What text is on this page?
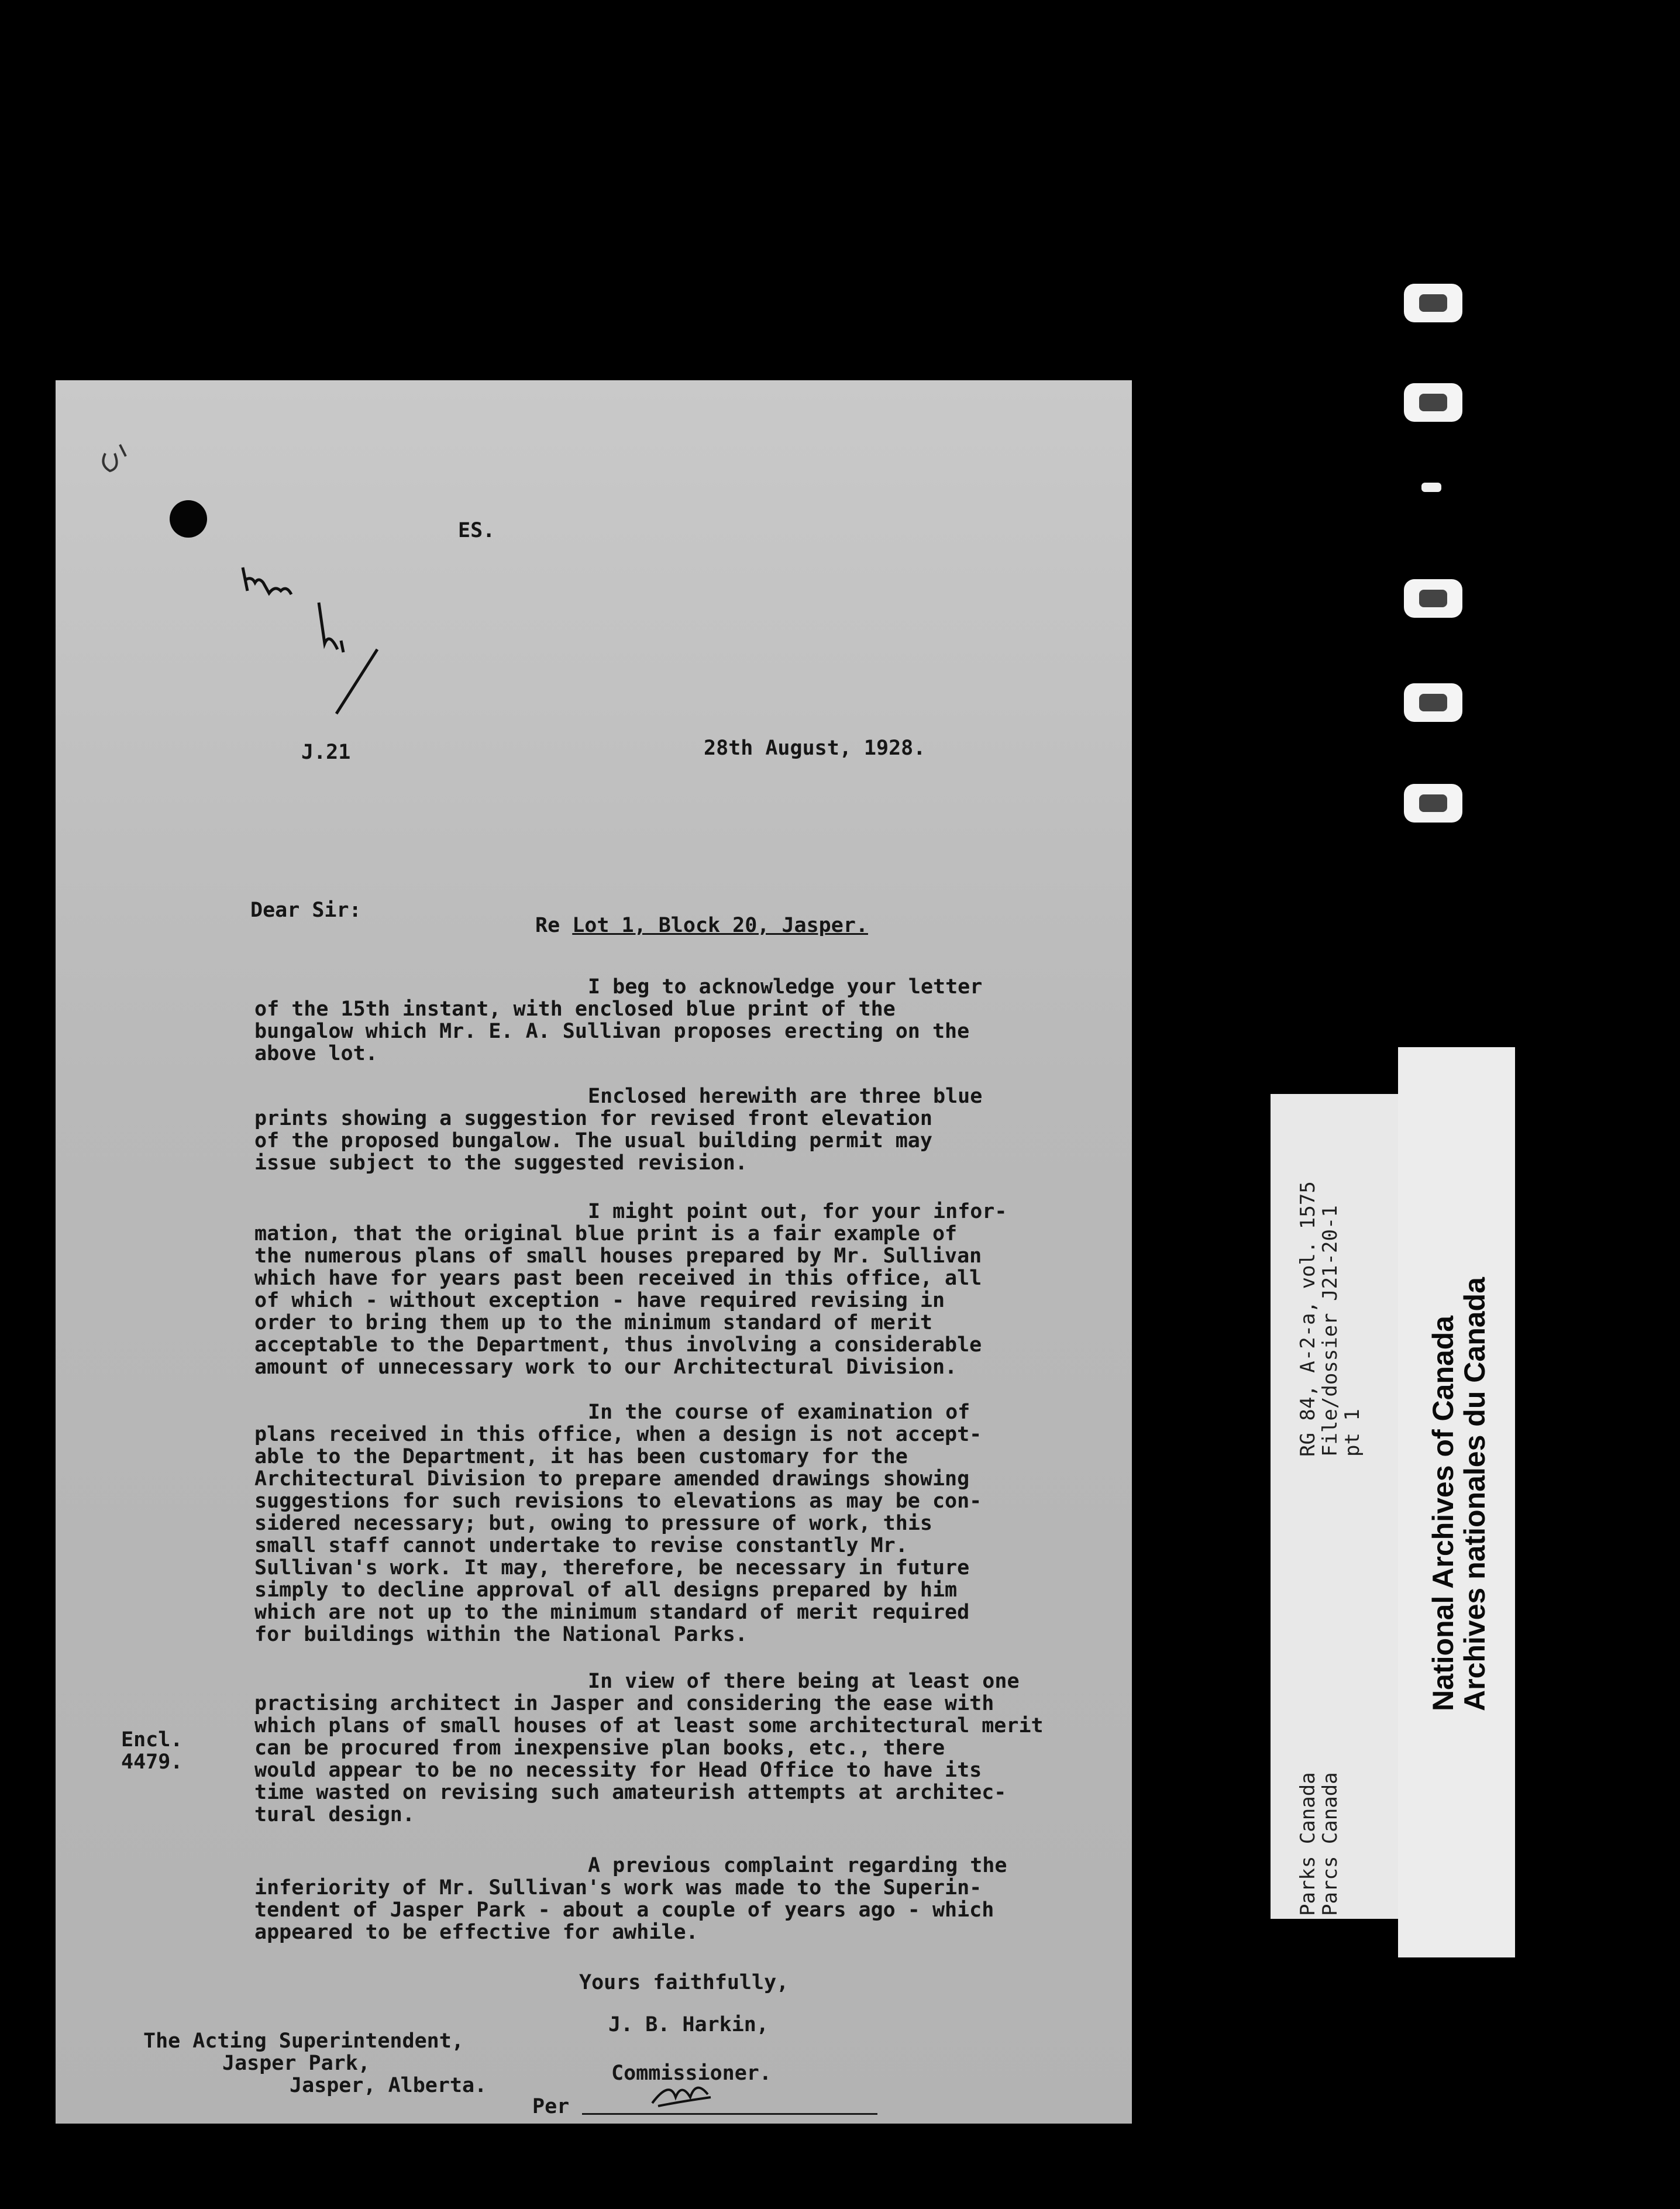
ES.

J.21	28th August, 1928.

Dear Sir:

Re Lot 1, Block 20, Jasper.

I beg to acknowledge your letter
of the 15th instant, with enclosed blue print of the
bungalow which Mr. E. A. Sullivan proposes erecting on the
above lot.
Enclosed herewith are three blue
prints showing a suggestion for revised front elevation
of the proposed bungalow. The usual building permit may
issue subject to the suggested revision.
I might point out, for your infor-
mation, that the original blue print is a fair example of
the numerous plans of small houses prepared by Mr. Sullivan
which have for years past been received in this office, all
of which - without exception - have required revising in
order to bring them up to the minimum standard of merit
acceptable to the Department, thus involving a considerable
amount of unnecessary work to our Architectural Division.
In the course of examination of
plans received in this office, when a design is not accept-
able to the Department, it has been customary for the
Architectural Division to prepare amended drawings showing
suggestions for such revisions to elevations as may be con-
sidered necessary; but, owing to pressure of work, this
small staff cannot undertake to revise constantly Mr.
Sullivan's work. It may, therefore, be necessary in future
simply to decline approval of all designs prepared by him
which are not up to the minimum standard of merit required
for buildings within the National Parks.
In view of there being at least one
practising architect in Jasper and considering the ease with
which plans of small houses of at least some architectural merit
can be procured from inexpensive plan books, etc., there
would appear to be no necessity for Head Office to have its
time wasted on revising such amateurish attempts at architec-
tural design.
Encl.
4479.
A previous complaint regarding the
inferiority of Mr. Sullivan's work was made to the Superin-
tendent of Jasper Park - about a couple of years ago - which
appeared to be effective for awhile.

Yours faithfully,

J. B. Harkin,

The Acting Superintendent,
Jasper Park,
Jasper, Alberta.

Commissioner.

Per

RG 84, A-2-a, vol. 1575
File/dossier J21-20-1
pt 1
Parks Canada
Parcs Canada
National Archives of Canada
Archives nationales du Canada
